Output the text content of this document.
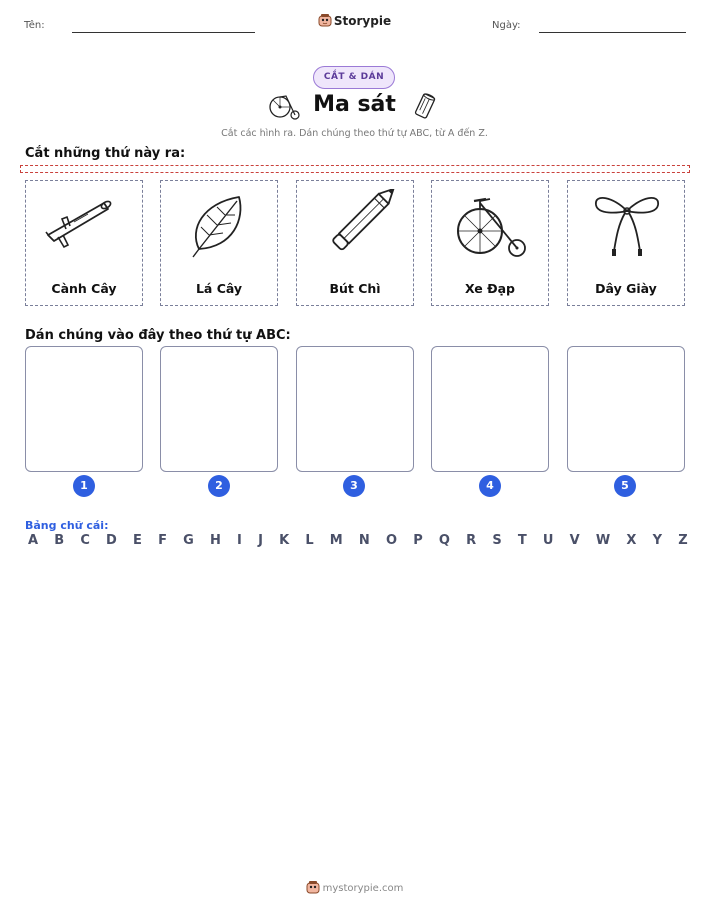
Tên:	Storypie	Ngày:
CẮT & DÁN
Ma sát
Cắt các hình ra. Dán chúng theo thứ tự ABC, từ A đến Z.
Cắt những thứ này ra:
Cành Cây	Lá Cây	Bút Chì	Xe Đạp	Dây Giày
Dán chúng vào đây theo thứ tự ABC:
1	2	3	4	5
Bảng chữ cái:
A B C D E F G H I J K L M N O P Q R S T U V W X Y Z
mystorypie.com
